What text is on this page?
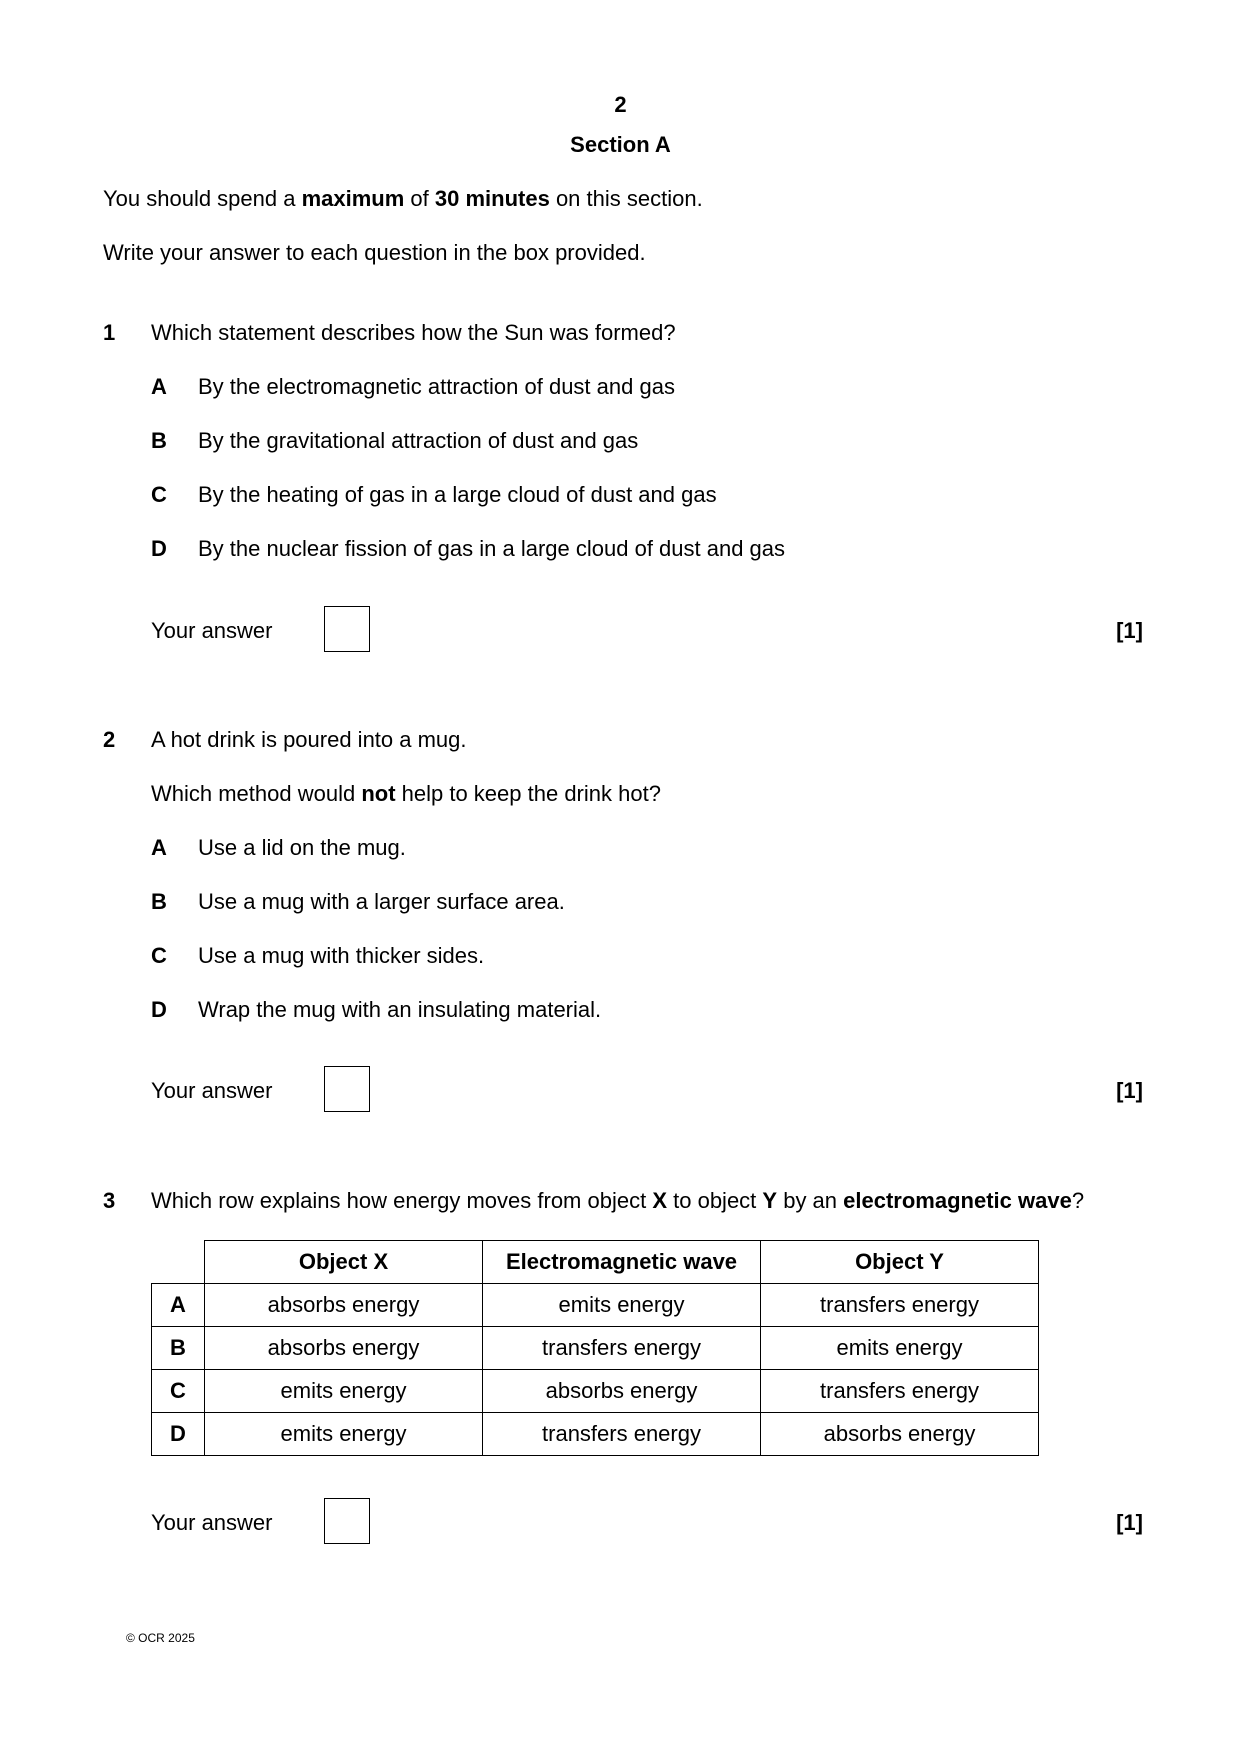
2
Section A
You should spend a maximum of 30 minutes on this section.
Write your answer to each question in the box provided.
1 Which statement describes how the Sun was formed?
A By the electromagnetic attraction of dust and gas
B By the gravitational attraction of dust and gas
C By the heating of gas in a large cloud of dust and gas
D By the nuclear fission of gas in a large cloud of dust and gas
Your answer	[1]
2 A hot drink is poured into a mug.
Which method would not help to keep the drink hot?
A Use a lid on the mug.
B Use a mug with a larger surface area.
C Use a mug with thicker sides.
D Wrap the mug with an insulating material.
Your answer	[1]
3 Which row explains how energy moves from object X to object Y by an electromagnetic wave?
	Object X	Electromagnetic wave	Object Y
A	absorbs energy	emits energy	transfers energy
B	absorbs energy	transfers energy	emits energy
C	emits energy	absorbs energy	transfers energy
D	emits energy	transfers energy	absorbs energy
Your answer	[1]
© OCR 2025
